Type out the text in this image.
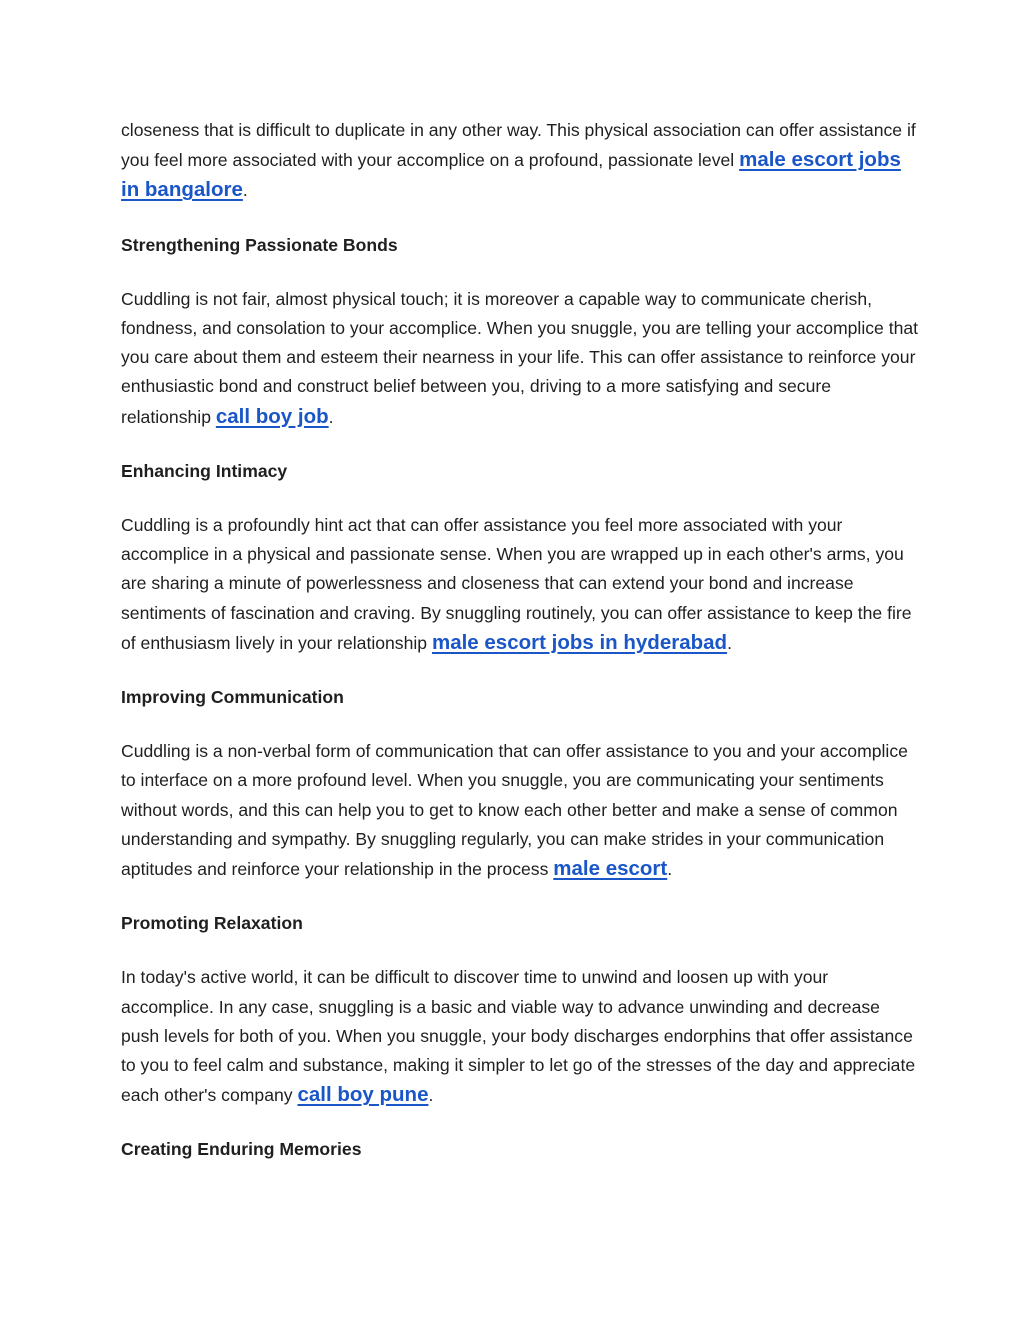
closeness that is difficult to duplicate in any other way. This physical association can offer assistance if you feel more associated with your accomplice on a profound, passionate level male escort jobs in bangalore.

Strengthening Passionate Bonds

Cuddling is not fair, almost physical touch; it is moreover a capable way to communicate cherish, fondness, and consolation to your accomplice. When you snuggle, you are telling your accomplice that you care about them and esteem their nearness in your life. This can offer assistance to reinforce your enthusiastic bond and construct belief between you, driving to a more satisfying and secure relationship call boy job.

Enhancing Intimacy

Cuddling is a profoundly hint act that can offer assistance you feel more associated with your accomplice in a physical and passionate sense. When you are wrapped up in each other's arms, you are sharing a minute of powerlessness and closeness that can extend your bond and increase sentiments of fascination and craving. By snuggling routinely, you can offer assistance to keep the fire of enthusiasm lively in your relationship male escort jobs in hyderabad.

Improving Communication

Cuddling is a non-verbal form of communication that can offer assistance to you and your accomplice to interface on a more profound level. When you snuggle, you are communicating your sentiments without words, and this can help you to get to know each other better and make a sense of common understanding and sympathy. By snuggling regularly, you can make strides in your communication aptitudes and reinforce your relationship in the process male escort.

Promoting Relaxation

In today's active world, it can be difficult to discover time to unwind and loosen up with your accomplice. In any case, snuggling is a basic and viable way to advance unwinding and decrease push levels for both of you. When you snuggle, your body discharges endorphins that offer assistance to you to feel calm and substance, making it simpler to let go of the stresses of the day and appreciate each other's company call boy pune.

Creating Enduring Memories
